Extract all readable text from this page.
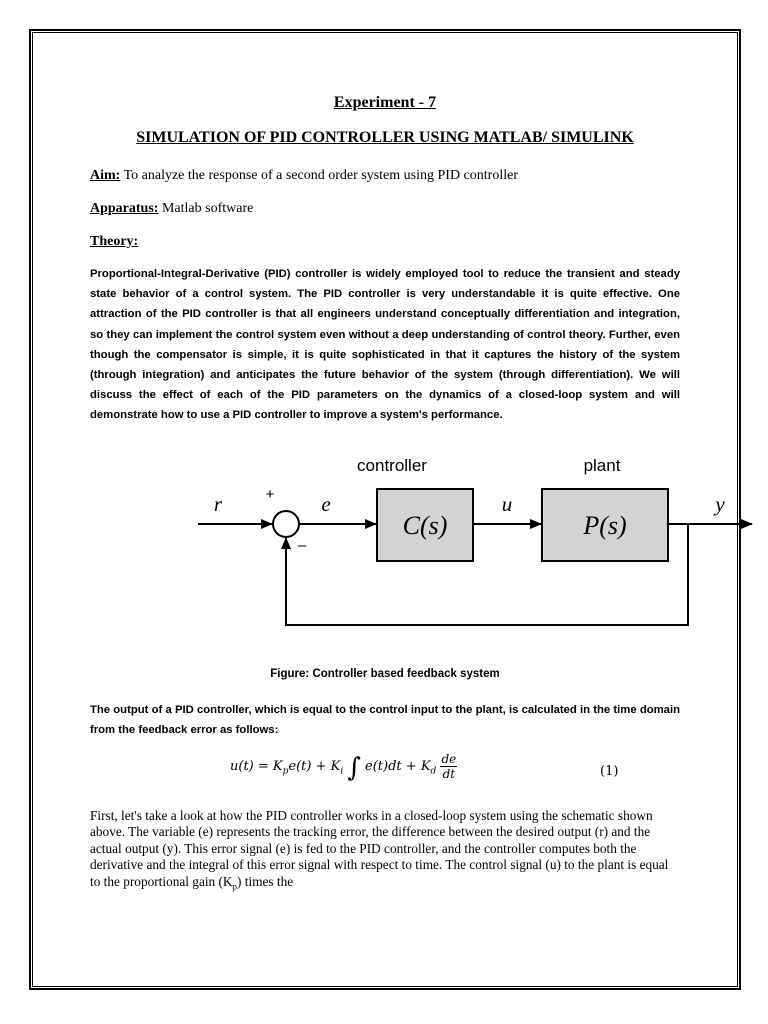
Experiment - 7
SIMULATION OF PID CONTROLLER USING MATLAB/ SIMULINK
Aim: To analyze the response of a second order system using PID controller
Apparatus: Matlab software
Theory:
Proportional-Integral-Derivative (PID) controller is widely employed tool to reduce the transient and steady state behavior of a control system. The PID controller is very understandable it is quite effective. One attraction of the PID controller is that all engineers understand conceptually differentiation and integration, so they can implement the control system even without a deep understanding of control theory. Further, even though the compensator is simple, it is quite sophisticated in that it captures the history of the system (through integration) and anticipates the future behavior of the system (through differentiation). We will discuss the effect of each of the PID parameters on the dynamics of a closed-loop system and will demonstrate how to use a PID controller to improve a system's performance.
controller	plant
r	+ e
–
u	y
C(s)	P(s)
Figure: Controller based feedback system
The output of a PID controller, which is equal to the control input to the plant, is calculated in the time domain from the feedback error as follows:
$u(t) = K_pe(t) + K_i$ ∫ $e(t)dt + K_d \frac{de}{dt}$	(1)

First, let's take a look at how the PID controller works in a closed-loop system using the schematic shown above. The variable (e) represents the tracking error, the difference between the desired output (r) and the actual output (y). This error signal (e) is fed to the PID controller, and the controller computes both the derivative and the integral of this error signal with respect to time. The control signal (u) to the plant is equal to the proportional gain $(K_p)$ times the
